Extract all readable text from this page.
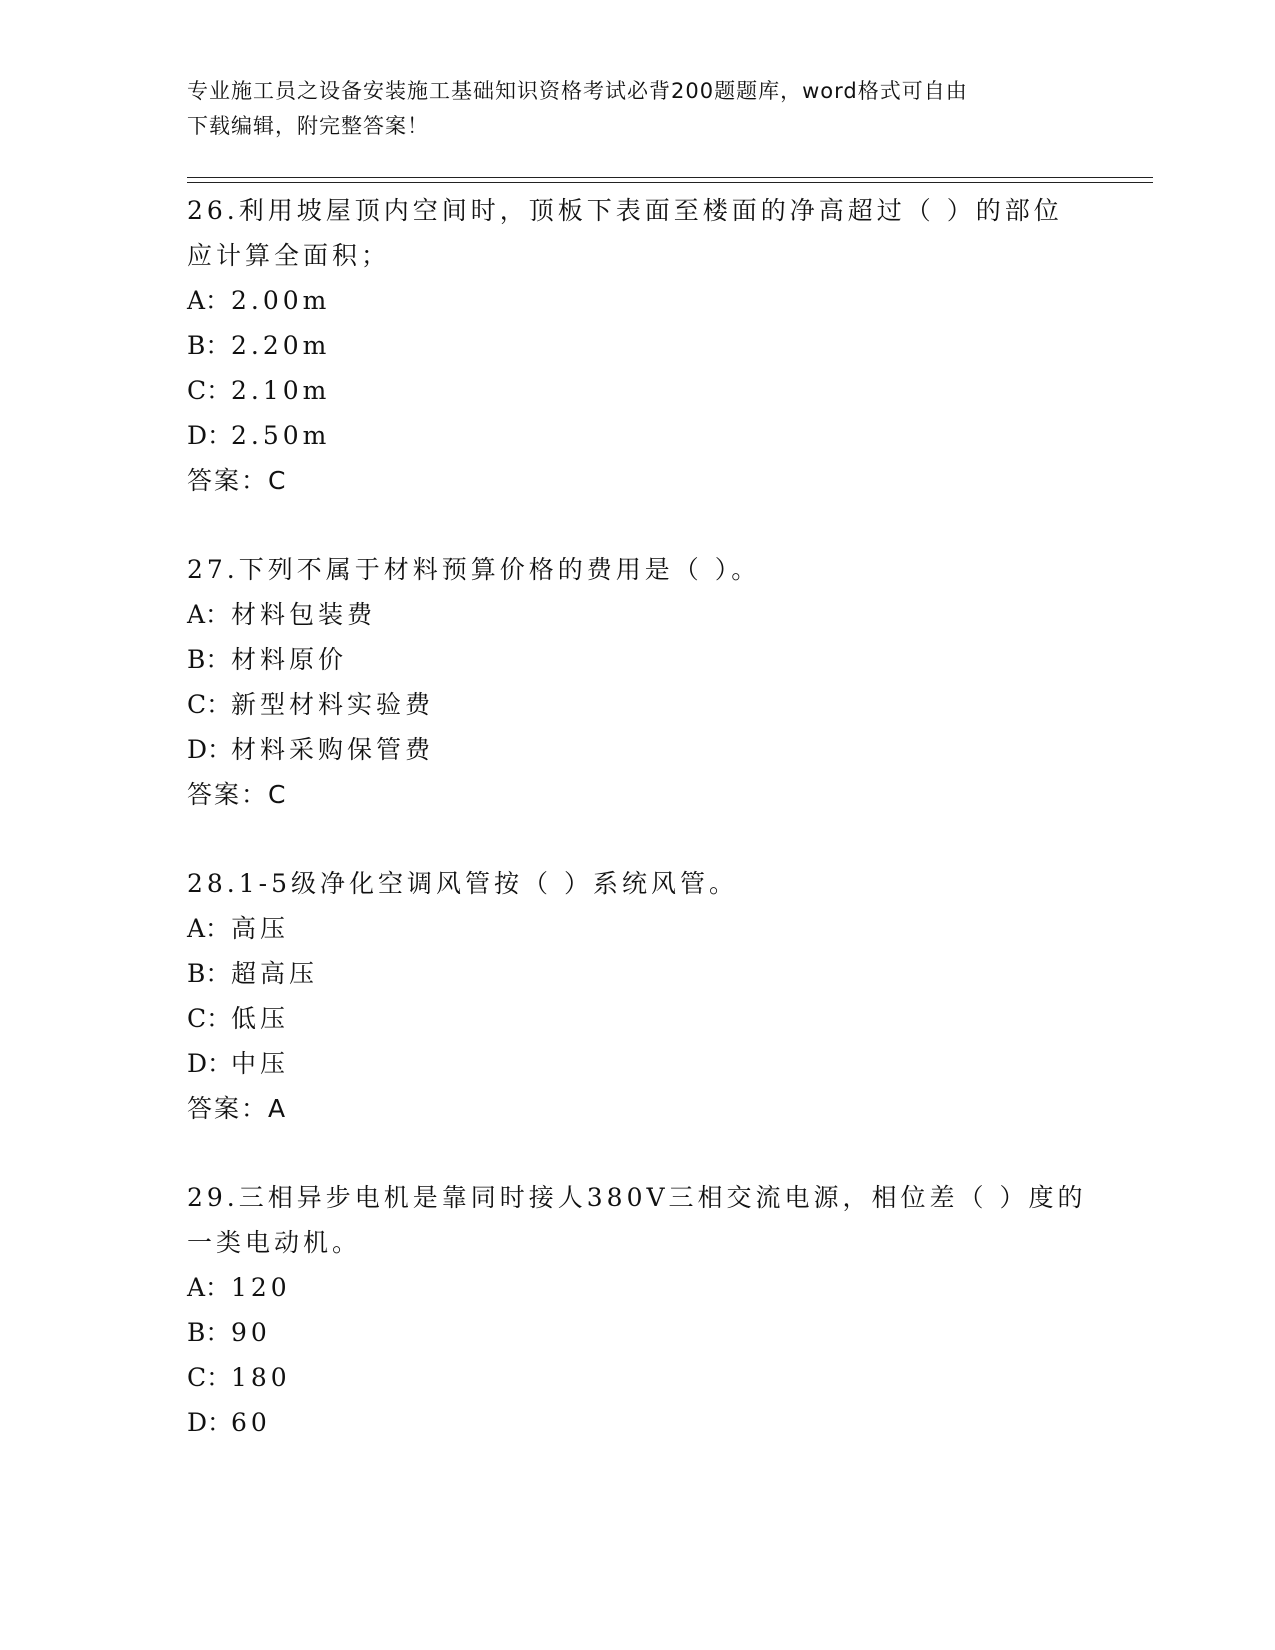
专业施工员之设备安装施工基础知识资格考试必背200题题库，word格式可自由
下载编辑，附完整答案！

26.利用坡屋顶内空间时，顶板下表面至楼面的净高超过（ ）的部位
应计算全面积；

A：2.00m

B：2.20m

C：2.10m

D：2.50m

答案：C

27.下列不属于材料预算价格的费用是（ ）。

A：材料包装费

B：材料原价

C：新型材料实验费

D：材料采购保管费

答案：C

28.1-5级净化空调风管按（ ）系统风管。

A：高压

B：超高压

C：低压

D：中压

答案：A

29.三相异步电机是靠同时接人380V三相交流电源，相位差（ ）度的
一类电动机。

A：120

B：90

C：180

D：60
